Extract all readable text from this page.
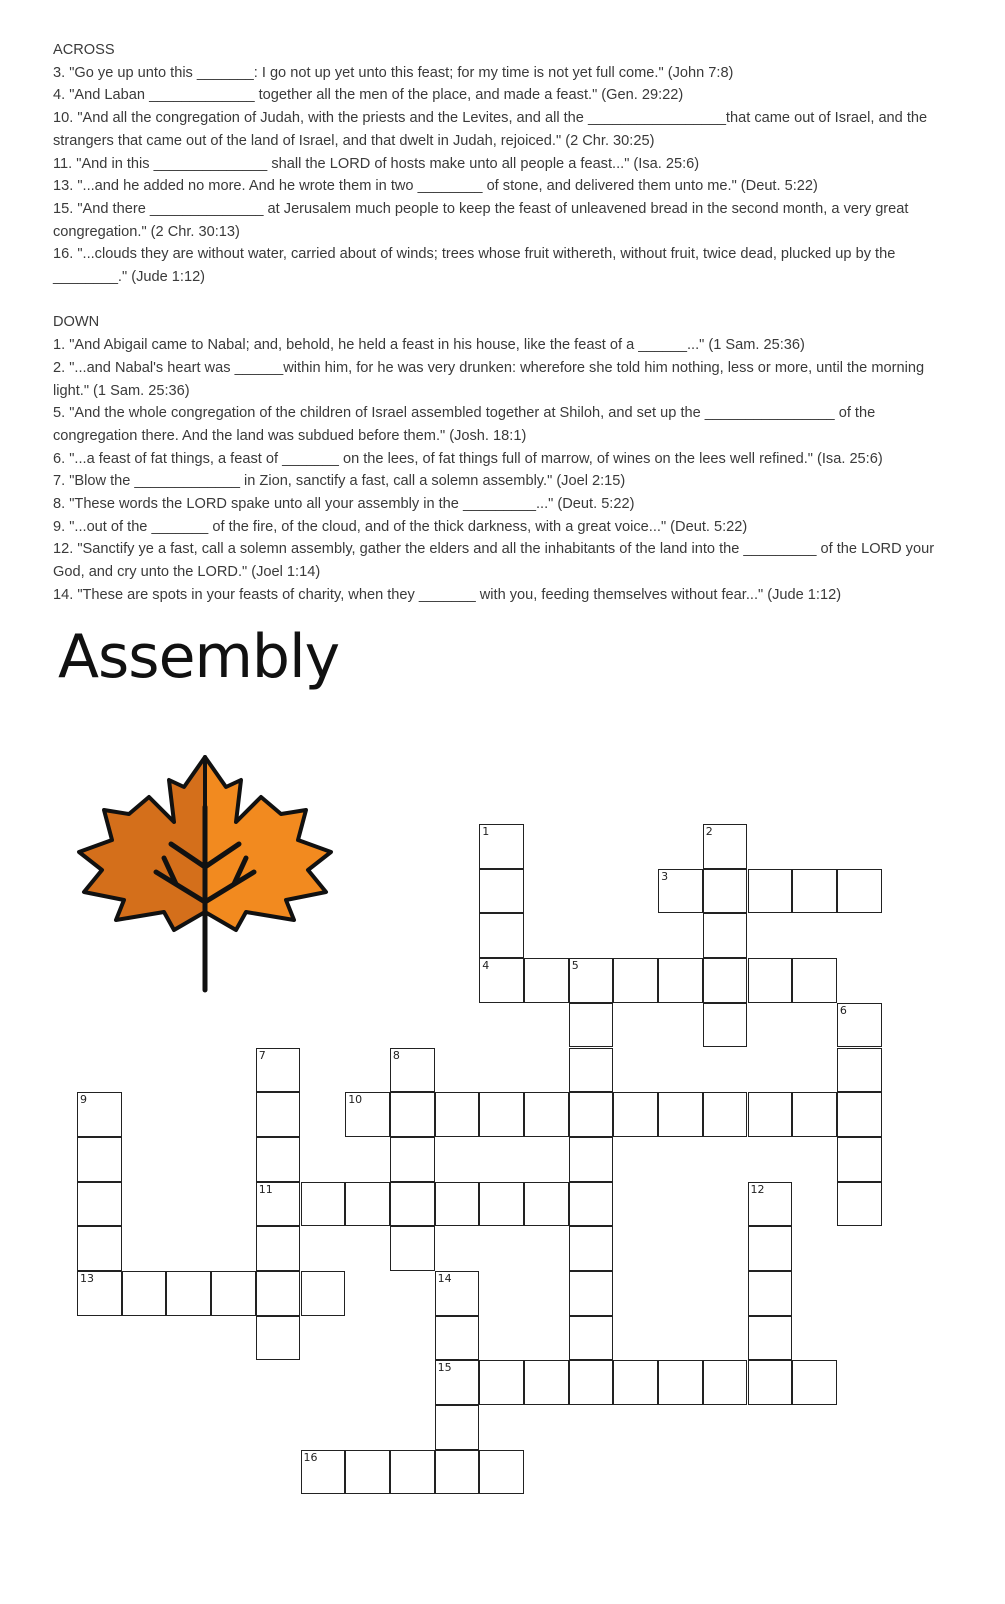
ACROSS

3. "Go ye up unto this _______: I go not up yet unto this feast; for my time is not yet full come." (John 7:8)

4. "And Laban _____________ together all the men of the place, and made a feast." (Gen. 29:22)

10. "And all the congregation of Judah, with the priests and the Levites, and all the _________________that came out of Israel, and the strangers that came out of the land of Israel, and that dwelt in Judah, rejoiced." (2 Chr. 30:25)

11. "And in this ______________ shall the LORD of hosts make unto all people a feast..." (Isa. 25:6)

13. "...and he added no more. And he wrote them in two ________ of stone, and delivered them unto me." (Deut. 5:22)

15. "And there ______________ at Jerusalem much people to keep the feast of unleavened bread in the second month, a very great congregation." (2 Chr. 30:13)

16. "...clouds they are without water, carried about of winds; trees whose fruit withereth, without fruit, twice dead, plucked up by the ________." (Jude 1:12)

DOWN

1. "And Abigail came to Nabal; and, behold, he held a feast in his house, like the feast of a ______..." (1 Sam. 25:36)

2. "...and Nabal's heart was ______within him, for he was very drunken: wherefore she told him nothing, less or more, until the morning light." (1 Sam. 25:36)

5. "And the whole congregation of the children of Israel assembled together at Shiloh, and set up the ________________ of the congregation there. And the land was subdued before them." (Josh. 18:1)

6. "...a feast of fat things, a feast of _______ on the lees, of fat things full of marrow, of wines on the lees well refined." (Isa. 25:6)

7. "Blow the _____________ in Zion, sanctify a fast, call a solemn assembly." (Joel 2:15)

8. "These words the LORD spake unto all your assembly in the _________..." (Deut. 5:22)

9. "...out of the _______ of the fire, of the cloud, and of the thick darkness, with a great voice..." (Deut. 5:22)

12. "Sanctify ye a fast, call a solemn assembly, gather the elders and all the inhabitants of the land into the _________ of the LORD your God, and cry unto the LORD." (Joel 1:14)

14. "These are spots in your feasts of charity, when they _______ with you, feeding themselves without fear..." (Jude 1:12)

Assembly
1
4
2
3
5
6
7
11
8
9
13
10
12
14
15
16
